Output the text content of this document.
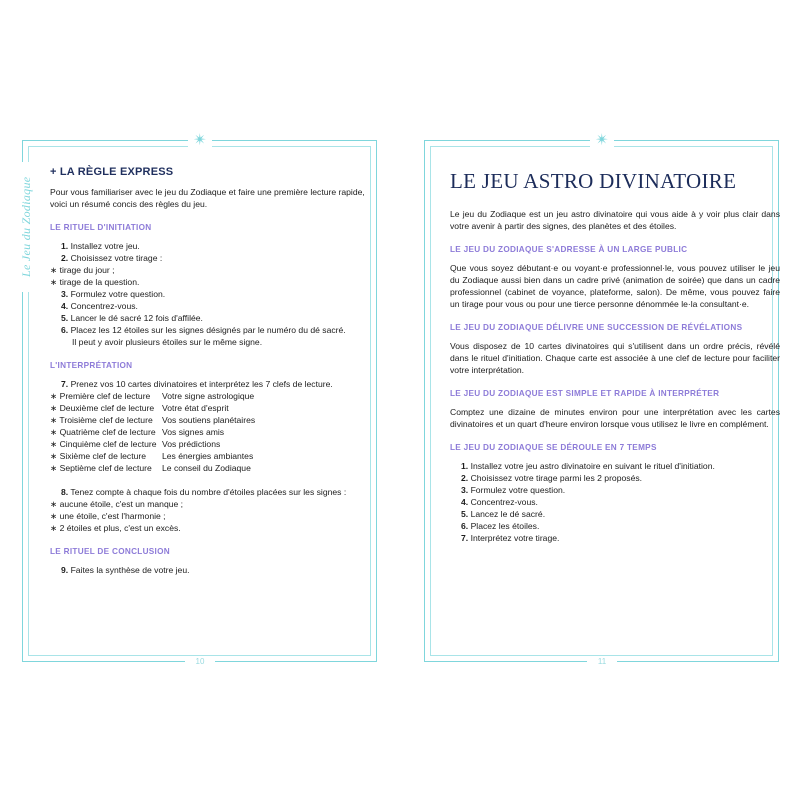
✴
10
Le Jeu du Zodiaque
✴
11
+ LA RÈGLE EXPRESS

Pour vous familiariser avec le jeu du Zodiaque et faire une première lecture rapide, voici un résumé concis des règles du jeu.

LE RITUEL D'INITIATION
1. Installez votre jeu.
2. Choisissez votre tirage :
∗ tirage du jour ;
∗ tirage de la question.
3. Formulez votre question.
4. Concentrez-vous.
5. Lancer le dé sacré 12 fois d'affilée.
6. Placez les 12 étoiles sur les signes désignés par le numéro du dé sacré.
Il peut y avoir plusieurs étoiles sur le même signe.
L'INTERPRÉTATION
7. Prenez vos 10 cartes divinatoires et interprétez les 7 clefs de lecture.
∗ Première clef de lecture	Votre signe astrologique
∗ Deuxième clef de lecture Votre état d'esprit
∗ Troisième clef de lecture	Vos soutiens planétaires
∗ Quatrième clef de lecture Vos signes amis
∗ Cinquième clef de lecture Vos prédictions
∗ Sixième clef de lecture	Les énergies ambiantes
∗ Septième clef de lecture	Le conseil du Zodiaque
8. Tenez compte à chaque fois du nombre d'étoiles placées sur les signes :
∗ aucune étoile, c'est un manque ;
∗ une étoile, c'est l'harmonie ;
∗ 2 étoiles et plus, c'est un excès.
LE RITUEL DE CONCLUSION
9. Faites la synthèse de votre jeu.
LE JEU ASTRO DIVINATOIRE

Le jeu du Zodiaque est un jeu astro divinatoire qui vous aide à y voir plus clair dans votre avenir à partir des signes, des planètes et des étoiles.

LE JEU DU ZODIAQUE S'ADRESSE À UN LARGE PUBLIC

Que vous soyez débutant·e ou voyant·e professionnel·le, vous pouvez utiliser le jeu du Zodiaque aussi bien dans un cadre privé (animation de soirée) que dans un cadre professionnel (cabinet de voyance, plateforme, salon). De même, vous pouvez faire un tirage pour vous ou pour une tierce personne dénommée le·la consultant·e.

LE JEU DU ZODIAQUE DÉLIVRE UNE SUCCESSION DE RÉVÉLATIONS

Vous disposez de 10 cartes divinatoires qui s'utilisent dans un ordre précis, révélé dans le rituel d'initiation. Chaque carte est associée à une clef de lecture pour faciliter votre interprétation.

LE JEU DU ZODIAQUE EST SIMPLE ET RAPIDE À INTERPRÉTER

Comptez une dizaine de minutes environ pour une interprétation avec les cartes divinatoires et un quart d'heure environ lorsque vous utilisez le livre en complément.

LE JEU DU ZODIAQUE SE DÉROULE EN 7 TEMPS
1. Installez votre jeu astro divinatoire en suivant le rituel d'initiation.
2. Choisissez votre tirage parmi les 2 proposés.
3. Formulez votre question.
4. Concentrez-vous.
5. Lancez le dé sacré.
6. Placez les étoiles.
7. Interprétez votre tirage.
